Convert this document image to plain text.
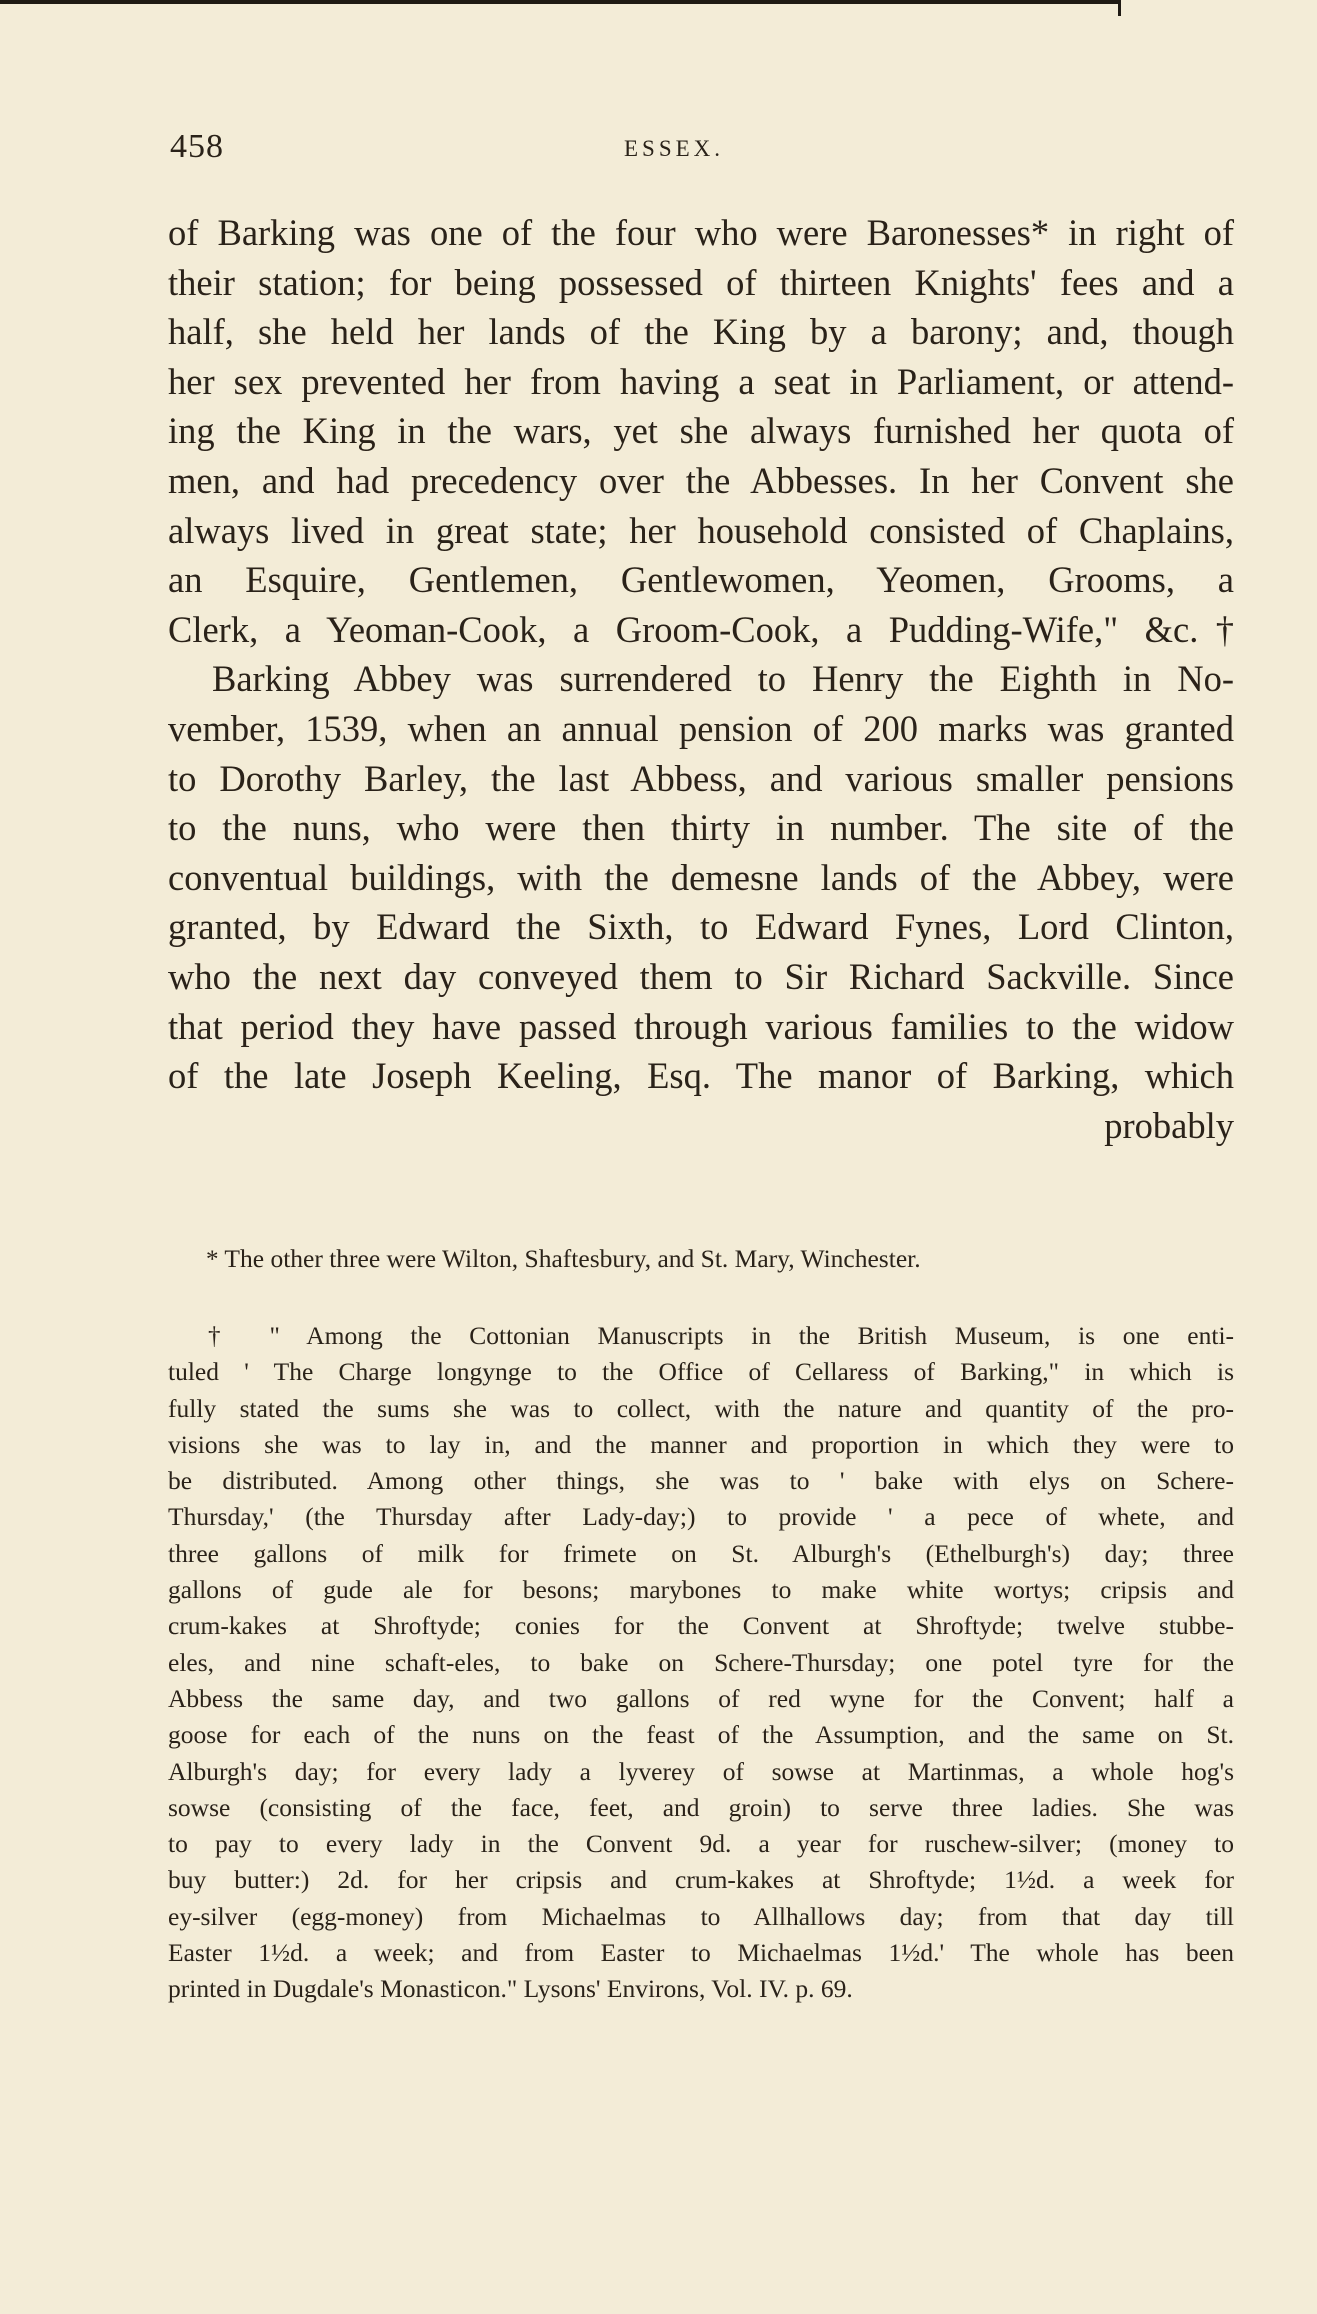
458	ESSEX.
of Barking was one of the four who were Baronesses* in right of
their station; for being possessed of thirteen Knights' fees and a
half, she held her lands of the King by a barony; and, though
her sex prevented her from having a seat in Parliament, or attend-
ing the King in the wars, yet she always furnished her quota of
men, and had precedency over the Abbesses. In her Convent she
always lived in great state; her household consisted of Chaplains,
an Esquire, Gentlemen, Gentlewomen, Yeomen, Grooms, a
Clerk, a Yeoman-Cook, a Groom-Cook, a Pudding-Wife," &c.†
Barking Abbey was surrendered to Henry the Eighth in No-
vember, 1539, when an annual pension of 200 marks was granted
to Dorothy Barley, the last Abbess, and various smaller pensions
to the nuns, who were then thirty in number. The site of the
conventual buildings, with the demesne lands of the Abbey, were
granted, by Edward the Sixth, to Edward Fynes, Lord Clinton,
who the next day conveyed them to Sir Richard Sackville. Since
that period they have passed through various families to the widow
of the late Joseph Keeling, Esq. The manor of Barking, which
probably
* The other three were Wilton, Shaftesbury, and St. Mary, Winchester.
† " Among the Cottonian Manuscripts in the British Museum, is one enti-
tuled ' The Charge longynge to the Office of Cellaress of Barking," in which is
fully stated the sums she was to collect, with the nature and quantity of the pro-
visions she was to lay in, and the manner and proportion in which they were to
be distributed. Among other things, she was to ' bake with elys on Schere-
Thursday,' (the Thursday after Lady-day;) to provide ' a pece of whete, and
three gallons of milk for frimete on St. Alburgh's (Ethelburgh's) day; three
gallons of gude ale for besons; marybones to make white wortys; cripsis and
crum-kakes at Shroftyde; conies for the Convent at Shroftyde; twelve stubbe-
eles, and nine schaft-eles, to bake on Schere-Thursday; one potel tyre for the
Abbess the same day, and two gallons of red wyne for the Convent; half a
goose for each of the nuns on the feast of the Assumption, and the same on St.
Alburgh's day; for every lady a lyverey of sowse at Martinmas, a whole hog's
sowse (consisting of the face, feet, and groin) to serve three ladies. She was
to pay to every lady in the Convent 9d. a year for ruschew-silver; (money to
buy butter:) 2d. for her cripsis and crum-kakes at Shroftyde; 1½d. a week for
ey-silver (egg-money) from Michaelmas to Allhallows day; from that day till
Easter 1½d. a week; and from Easter to Michaelmas 1½d.' The whole has been
printed in Dugdale's Monasticon." Lysons' Environs, Vol. IV. p. 69.
